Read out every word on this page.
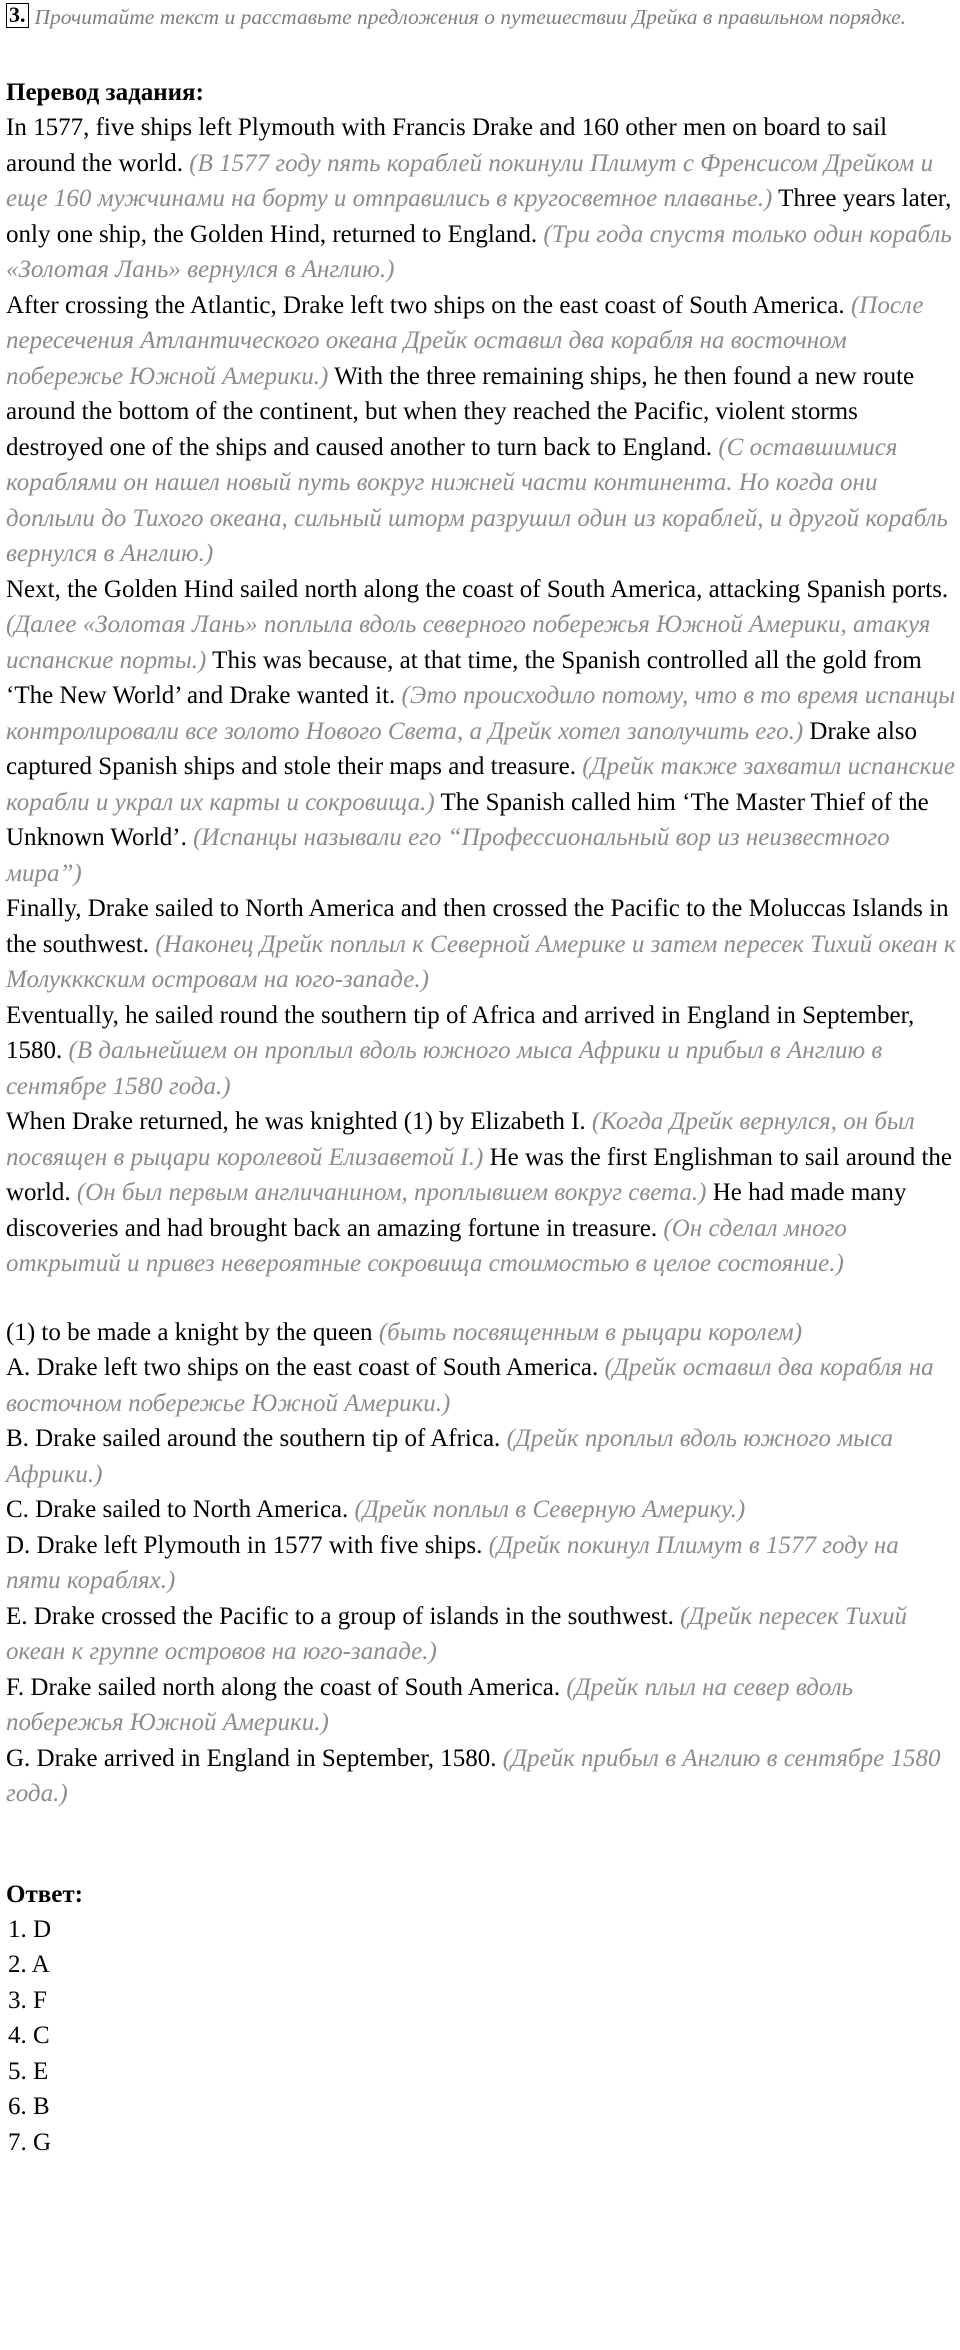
3. Прочитайте текст и расставьте предложения о путешествии Дрейка в правильном порядке.
Перевод задания:
In 1577, five ships left Plymouth with Francis Drake and 160 other men on board to sail around the world. (В 1577 году пять кораблей покинули Плимут с Френсисом Дрейком и еще 160 мужчинами на борту и отправились в кругосветное плаванье.) Three years later, only one ship, the Golden Hind, returned to England. (Три года спустя только один корабль «Золотая Лань» вернулся в Англию.)
After crossing the Atlantic, Drake left two ships on the east coast of South America. (После пересечения Атлантического океана Дрейк оставил два корабля на восточном побережье Южной Америки.) With the three remaining ships, he then found a new route around the bottom of the continent, but when they reached the Pacific, violent storms destroyed one of the ships and caused another to turn back to England. (С оставшимися кораблями он нашел новый путь вокруг нижней части континента. Но когда они доплыли до Тихого океана, сильный шторм разрушил один из кораблей, и другой корабль вернулся в Англию.)
Next, the Golden Hind sailed north along the coast of South America, attacking Spanish ports. (Далее «Золотая Лань» поплыла вдоль северного побережья Южной Америки, атакуя испанские порты.) This was because, at that time, the Spanish controlled all the gold from ‘The New World’ and Drake wanted it. (Это происходило потому, что в то время испанцы контролировали все золото Нового Света, а Дрейк хотел заполучить его.) Drake also captured Spanish ships and stole their maps and treasure. (Дрейк также захватил испанские корабли и украл их карты и сокровища.) The Spanish called him ‘The Master Thief of the Unknown World’. (Испанцы называли его “Профессиональный вор из неизвестного мира”)
Finally, Drake sailed to North America and then crossed the Pacific to the Moluccas Islands in the southwest. (Наконец Дрейк поплыл к Северной Америке и затем пересек Тихий океан к Молукккским островам на юго-западе.)
Eventually, he sailed round the southern tip of Africa and arrived in England in September, 1580. (В дальнейшем он проплыл вдоль южного мыса Африки и прибыл в Англию в сентябре 1580 года.)
When Drake returned, he was knighted (1) by Elizabeth I. (Когда Дрейк вернулся, он был посвящен в рыцари королевой Елизаветой I.) He was the first Englishman to sail around the world. (Он был первым англичанином, проплывшем вокруг света.) He had made many discoveries and had brought back an amazing fortune in treasure. (Он сделал много открытий и привез невероятные сокровища стоимостью в целое состояние.)
(1) to be made a knight by the queen (быть посвященным в рыцари королем)
A. Drake left two ships on the east coast of South America. (Дрейк оставил два корабля на восточном побережье Южной Америки.)
B. Drake sailed around the southern tip of Africa. (Дрейк проплыл вдоль южного мыса Африки.)
C. Drake sailed to North America. (Дрейк поплыл в Северную Америку.)
D. Drake left Plymouth in 1577 with five ships. (Дрейк покинул Плимут в 1577 году на пяти кораблях.)
E. Drake crossed the Pacific to a group of islands in the southwest. (Дрейк пересек Тихий океан к группе островов на юго-западе.)
F. Drake sailed north along the coast of South America. (Дрейк плыл на север вдоль побережья Южной Америки.)
G. Drake arrived in England in September, 1580. (Дрейк прибыл в Англию в сентябре 1580 года.)
Ответ:
1. D
2. A
3. F
4. C
5. E
6. B
7. G
